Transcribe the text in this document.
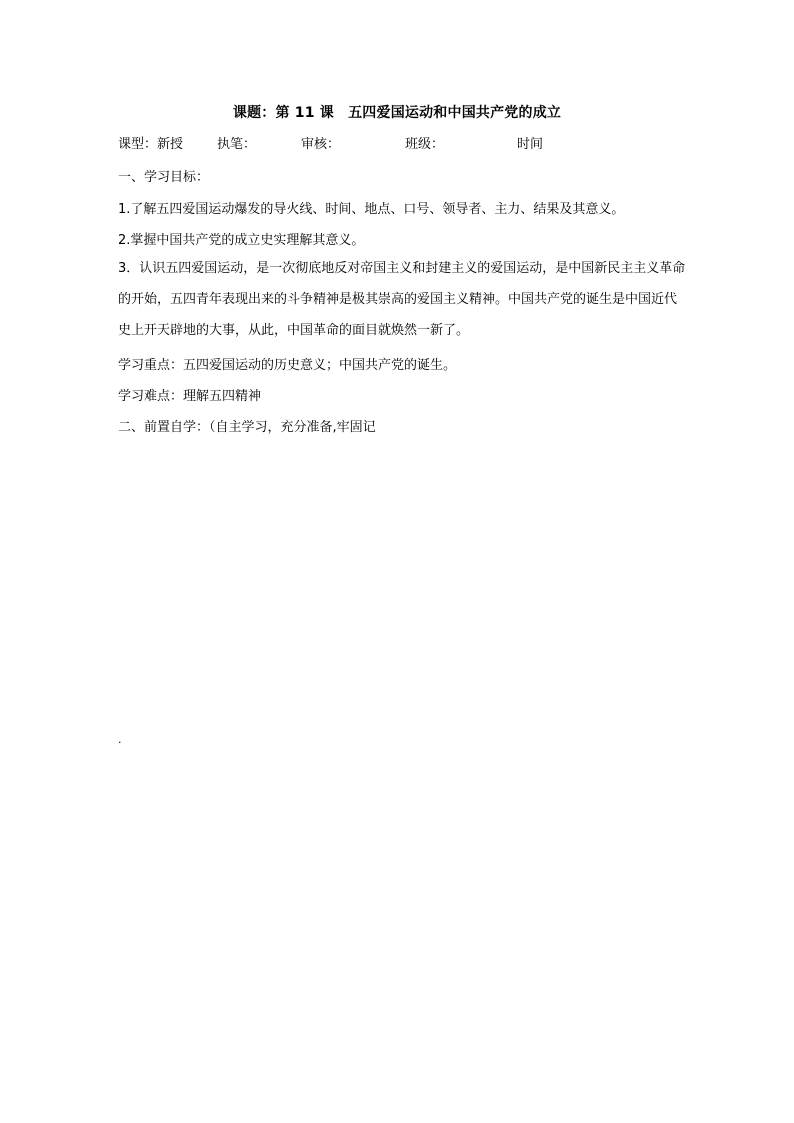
课题：第 11 课　五四爱国运动和中国共产党的成立
课型：新授	执笔：	审核：	班级：	时间
一、学习目标：
1.了解五四爱国运动爆发的导火线、时间、地点、口号、领导者、主力、结果及其意义。
2.掌握中国共产党的成立史实理解其意义。
3．认识五四爱国运动，是一次彻底地反对帝国主义和封建主义的爱国运动，是中国新民主主义革命的开始，五四青年表现出来的斗争精神是极其崇高的爱国主义精神。中国共产党的诞生是中国近代史上开天辟地的大事，从此，中国革命的面目就焕然一新了。
学习重点：五四爱国运动的历史意义；中国共产党的诞生。
学习难点：理解五四精神
二、前置自学：（自主学习，充分准备,牢固记
.
